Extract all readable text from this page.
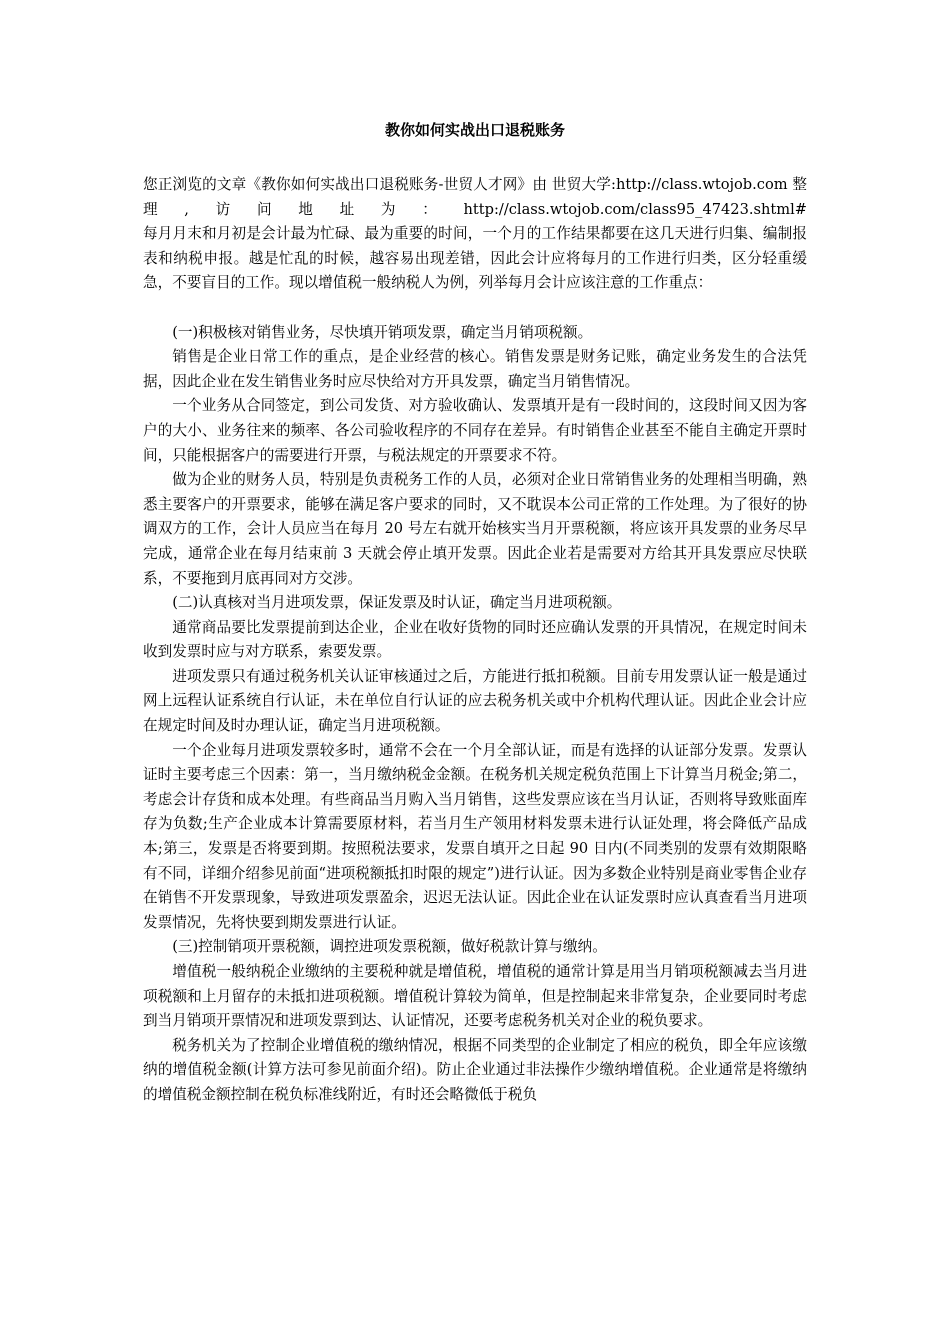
教你如何实战出口退税账务

您正浏览的文章《教你如何实战出口退税账务-世贸人才网》由 世贸大学:http://class.wtojob.com 整理,访问地址为：http://class.wtojob.com/class95_47423.shtml#

每月月末和月初是会计最为忙碌、最为重要的时间，一个月的工作结果都要在这几天进行归集、编制报表和纳税申报。越是忙乱的时候，越容易出现差错，因此会计应将每月的工作进行归类，区分轻重缓急，不要盲目的工作。现以增值税一般纳税人为例，列举每月会计应该注意的工作重点：

(一)积极核对销售业务，尽快填开销项发票，确定当月销项税额。

销售是企业日常工作的重点，是企业经营的核心。销售发票是财务记账，确定业务发生的合法凭据，因此企业在发生销售业务时应尽快给对方开具发票，确定当月销售情况。

一个业务从合同签定，到公司发货、对方验收确认、发票填开是有一段时间的，这段时间又因为客户的大小、业务往来的频率、各公司验收程序的不同存在差异。有时销售企业甚至不能自主确定开票时间，只能根据客户的需要进行开票，与税法规定的开票要求不符。

做为企业的财务人员，特别是负责税务工作的人员，必须对企业日常销售业务的处理相当明确，熟悉主要客户的开票要求，能够在满足客户要求的同时，又不耽误本公司正常的工作处理。为了很好的协调双方的工作，会计人员应当在每月 20 号左右就开始核实当月开票税额，将应该开具发票的业务尽早完成，通常企业在每月结束前 3 天就会停止填开发票。因此企业若是需要对方给其开具发票应尽快联系，不要拖到月底再同对方交涉。

(二)认真核对当月进项发票，保证发票及时认证，确定当月进项税额。

通常商品要比发票提前到达企业，企业在收好货物的同时还应确认发票的开具情况，在规定时间未收到发票时应与对方联系，索要发票。

进项发票只有通过税务机关认证审核通过之后，方能进行抵扣税额。目前专用发票认证一般是通过网上远程认证系统自行认证，未在单位自行认证的应去税务机关或中介机构代理认证。因此企业会计应在规定时间及时办理认证，确定当月进项税额。

一个企业每月进项发票较多时，通常不会在一个月全部认证，而是有选择的认证部分发票。发票认证时主要考虑三个因素：第一，当月缴纳税金金额。在税务机关规定税负范围上下计算当月税金;第二，考虑会计存货和成本处理。有些商品当月购入当月销售，这些发票应该在当月认证，否则将导致账面库存为负数;生产企业成本计算需要原材料，若当月生产领用材料发票未进行认证处理，将会降低产品成本;第三，发票是否将要到期。按照税法要求，发票自填开之日起 90 日内(不同类别的发票有效期限略有不同，详细介绍参见前面“进项税额抵扣时限的规定”)进行认证。因为多数企业特别是商业零售企业存在销售不开发票现象，导致进项发票盈余，迟迟无法认证。因此企业在认证发票时应认真查看当月进项发票情况，先将快要到期发票进行认证。

(三)控制销项开票税额，调控进项发票税额，做好税款计算与缴纳。

增值税一般纳税企业缴纳的主要税种就是增值税，增值税的通常计算是用当月销项税额减去当月进项税额和上月留存的未抵扣进项税额。增值税计算较为简单，但是控制起来非常复杂，企业要同时考虑到当月销项开票情况和进项发票到达、认证情况，还要考虑税务机关对企业的税负要求。

税务机关为了控制企业增值税的缴纳情况，根据不同类型的企业制定了相应的税负，即全年应该缴纳的增值税金额(计算方法可参见前面介绍)。防止企业通过非法操作少缴纳增值税。企业通常是将缴纳的增值税金额控制在税负标准线附近，有时还会略微低于税负
